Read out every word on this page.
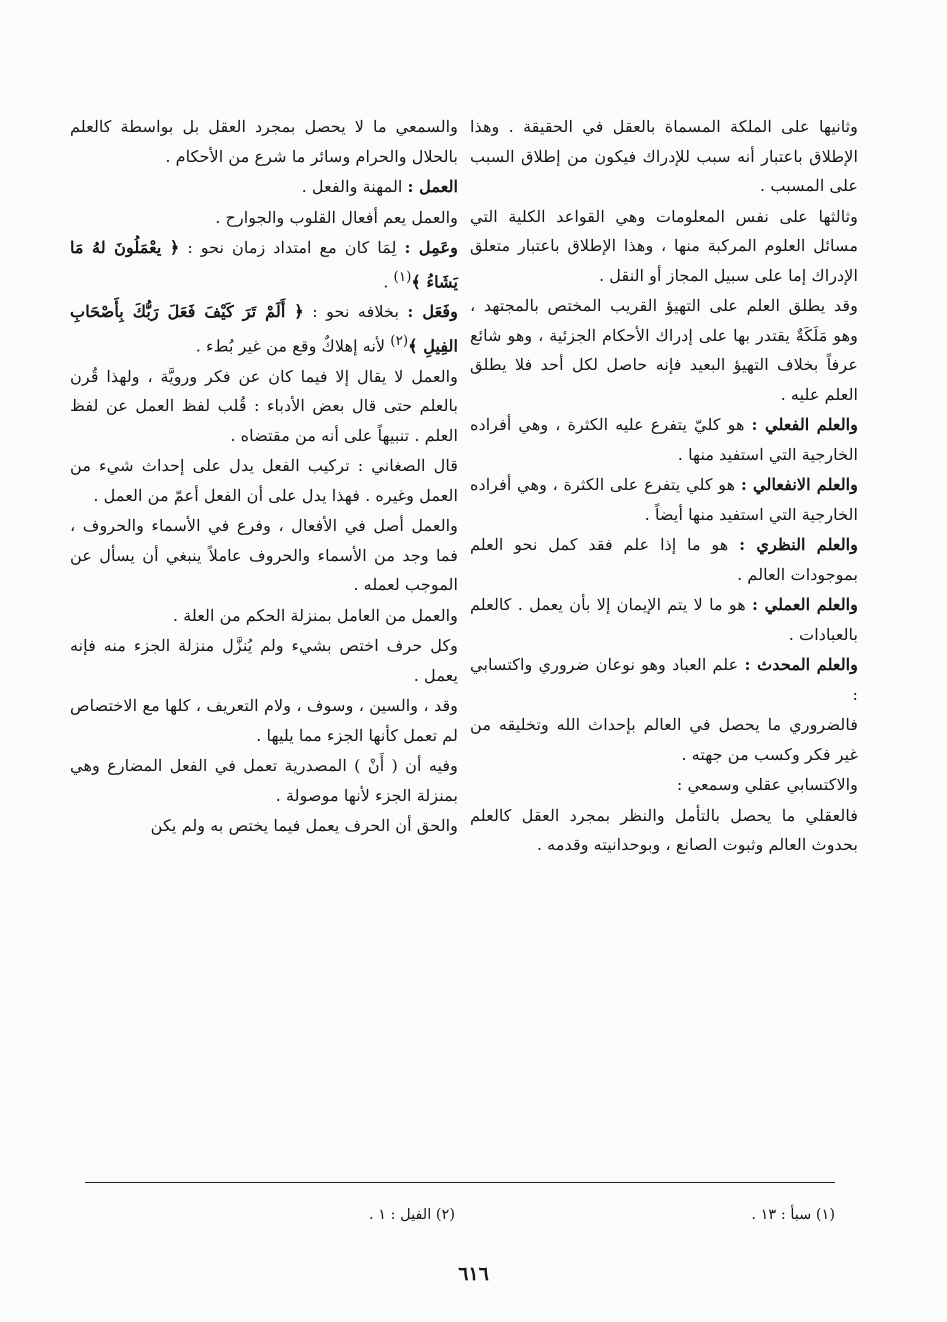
وثانيها على الملكة المسماة بالعقل في الحقيقة . وهذا الإطلاق باعتبار أنه سبب للإدراك فيكون من إطلاق السبب على المسبب .

وثالثها على نفس المعلومات وهي القواعد الكلية التي مسائل العلوم المركبة منها ، وهذا الإطلاق باعتبار متعلق الإدراك إما على سبيل المجاز أو النقل .

وقد يطلق العلم على التهيؤ القريب المختص بالمجتهد ، وهو مَلَكَةٌ يقتدر بها على إدراك الأحكام الجزئية ، وهو شائع عرفاً بخلاف التهيؤ البعيد فإنه حاصل لكل أحد فلا يطلق العلم عليه .

والعلم الفعلي : هو كليّ يتفرع عليه الكثرة ، وهي أفراده الخارجية التي استفيد منها .

والعلم الانفعالي : هو كلي يتفرع على الكثرة ، وهي أفراده الخارجية التي استفيد منها أيضاً .

والعلم النظري : هو ما إذا علم فقد كمل نحو العلم بموجودات العالم .

والعلم العملي : هو ما لا يتم الإيمان إلا بأن يعمل . كالعلم بالعبادات .

والعلم المحدث : علم العباد وهو نوعان ضروري واكتسابي :

فالضروري ما يحصل في العالم بإحداث الله وتخليقه من غير فكر وكسب من جهته .

والاكتسابي عقلي وسمعي :

فالعقلي ما يحصل بالتأمل والنظر بمجرد العقل كالعلم بحدوث العالم وثبوت الصانع ، وبوحدانيته وقدمه .

والسمعي ما لا يحصل بمجرد العقل بل بواسطة كالعلم بالحلال والحرام وسائر ما شرع من الأحكام .

العمل : المهنة والفعل .

والعمل يعم أفعال القلوب والجوارح .

وعَمِل : لِمَا كان مع امتداد زمان نحو : ﴿ يعْمَلُونَ لهُ مَا يَشَاءُ ﴾$^{(١)}$ .

وفَعَل : بخلافه نحو : ﴿ أَلَمْ تَرَ كَيْفَ فَعَلَ رَبُّكَ بِأَصْحَابِ الفِيلِ ﴾$^{(٢)}$ لأنه إهلاكٌ وقع من غير بُطء .

والعمل لا يقال إلا فيما كان عن فكر ورويَّة ، ولهذا قُرن بالعلم حتى قال بعض الأدباء : قُلب لفظ العمل عن لفظ العلم . تنبيهاً على أنه من مقتضاه .

قال الصغاني : تركيب الفعل يدل على إحداث شيء من العمل وغيره . فهذا يدل على أن الفعل أعمّ من العمل .

والعمل أصل في الأفعال ، وفرع في الأسماء والحروف ، فما وجد من الأسماء والحروف عاملاً ينبغي أن يسأل عن الموجب لعمله .

والعمل من العامل بمنزلة الحكم من العلة .

وكل حرف اختص بشيء ولم يُنزَّل منزلة الجزء منه فإنه يعمل .

وقد ، والسين ، وسوف ، ولام التعريف ، كلها مع الاختصاص لم تعمل كأنها الجزء مما يليها .

وفيه أن ( أَنْ ) المصدرية تعمل في الفعل المضارع وهي بمنزلة الجزء لأنها موصولة .

والحق أن الحرف يعمل فيما يختص به ولم يكن

(١) سبأ : ١٣ .
(٢) الفيل : ١ .
٦١٦
